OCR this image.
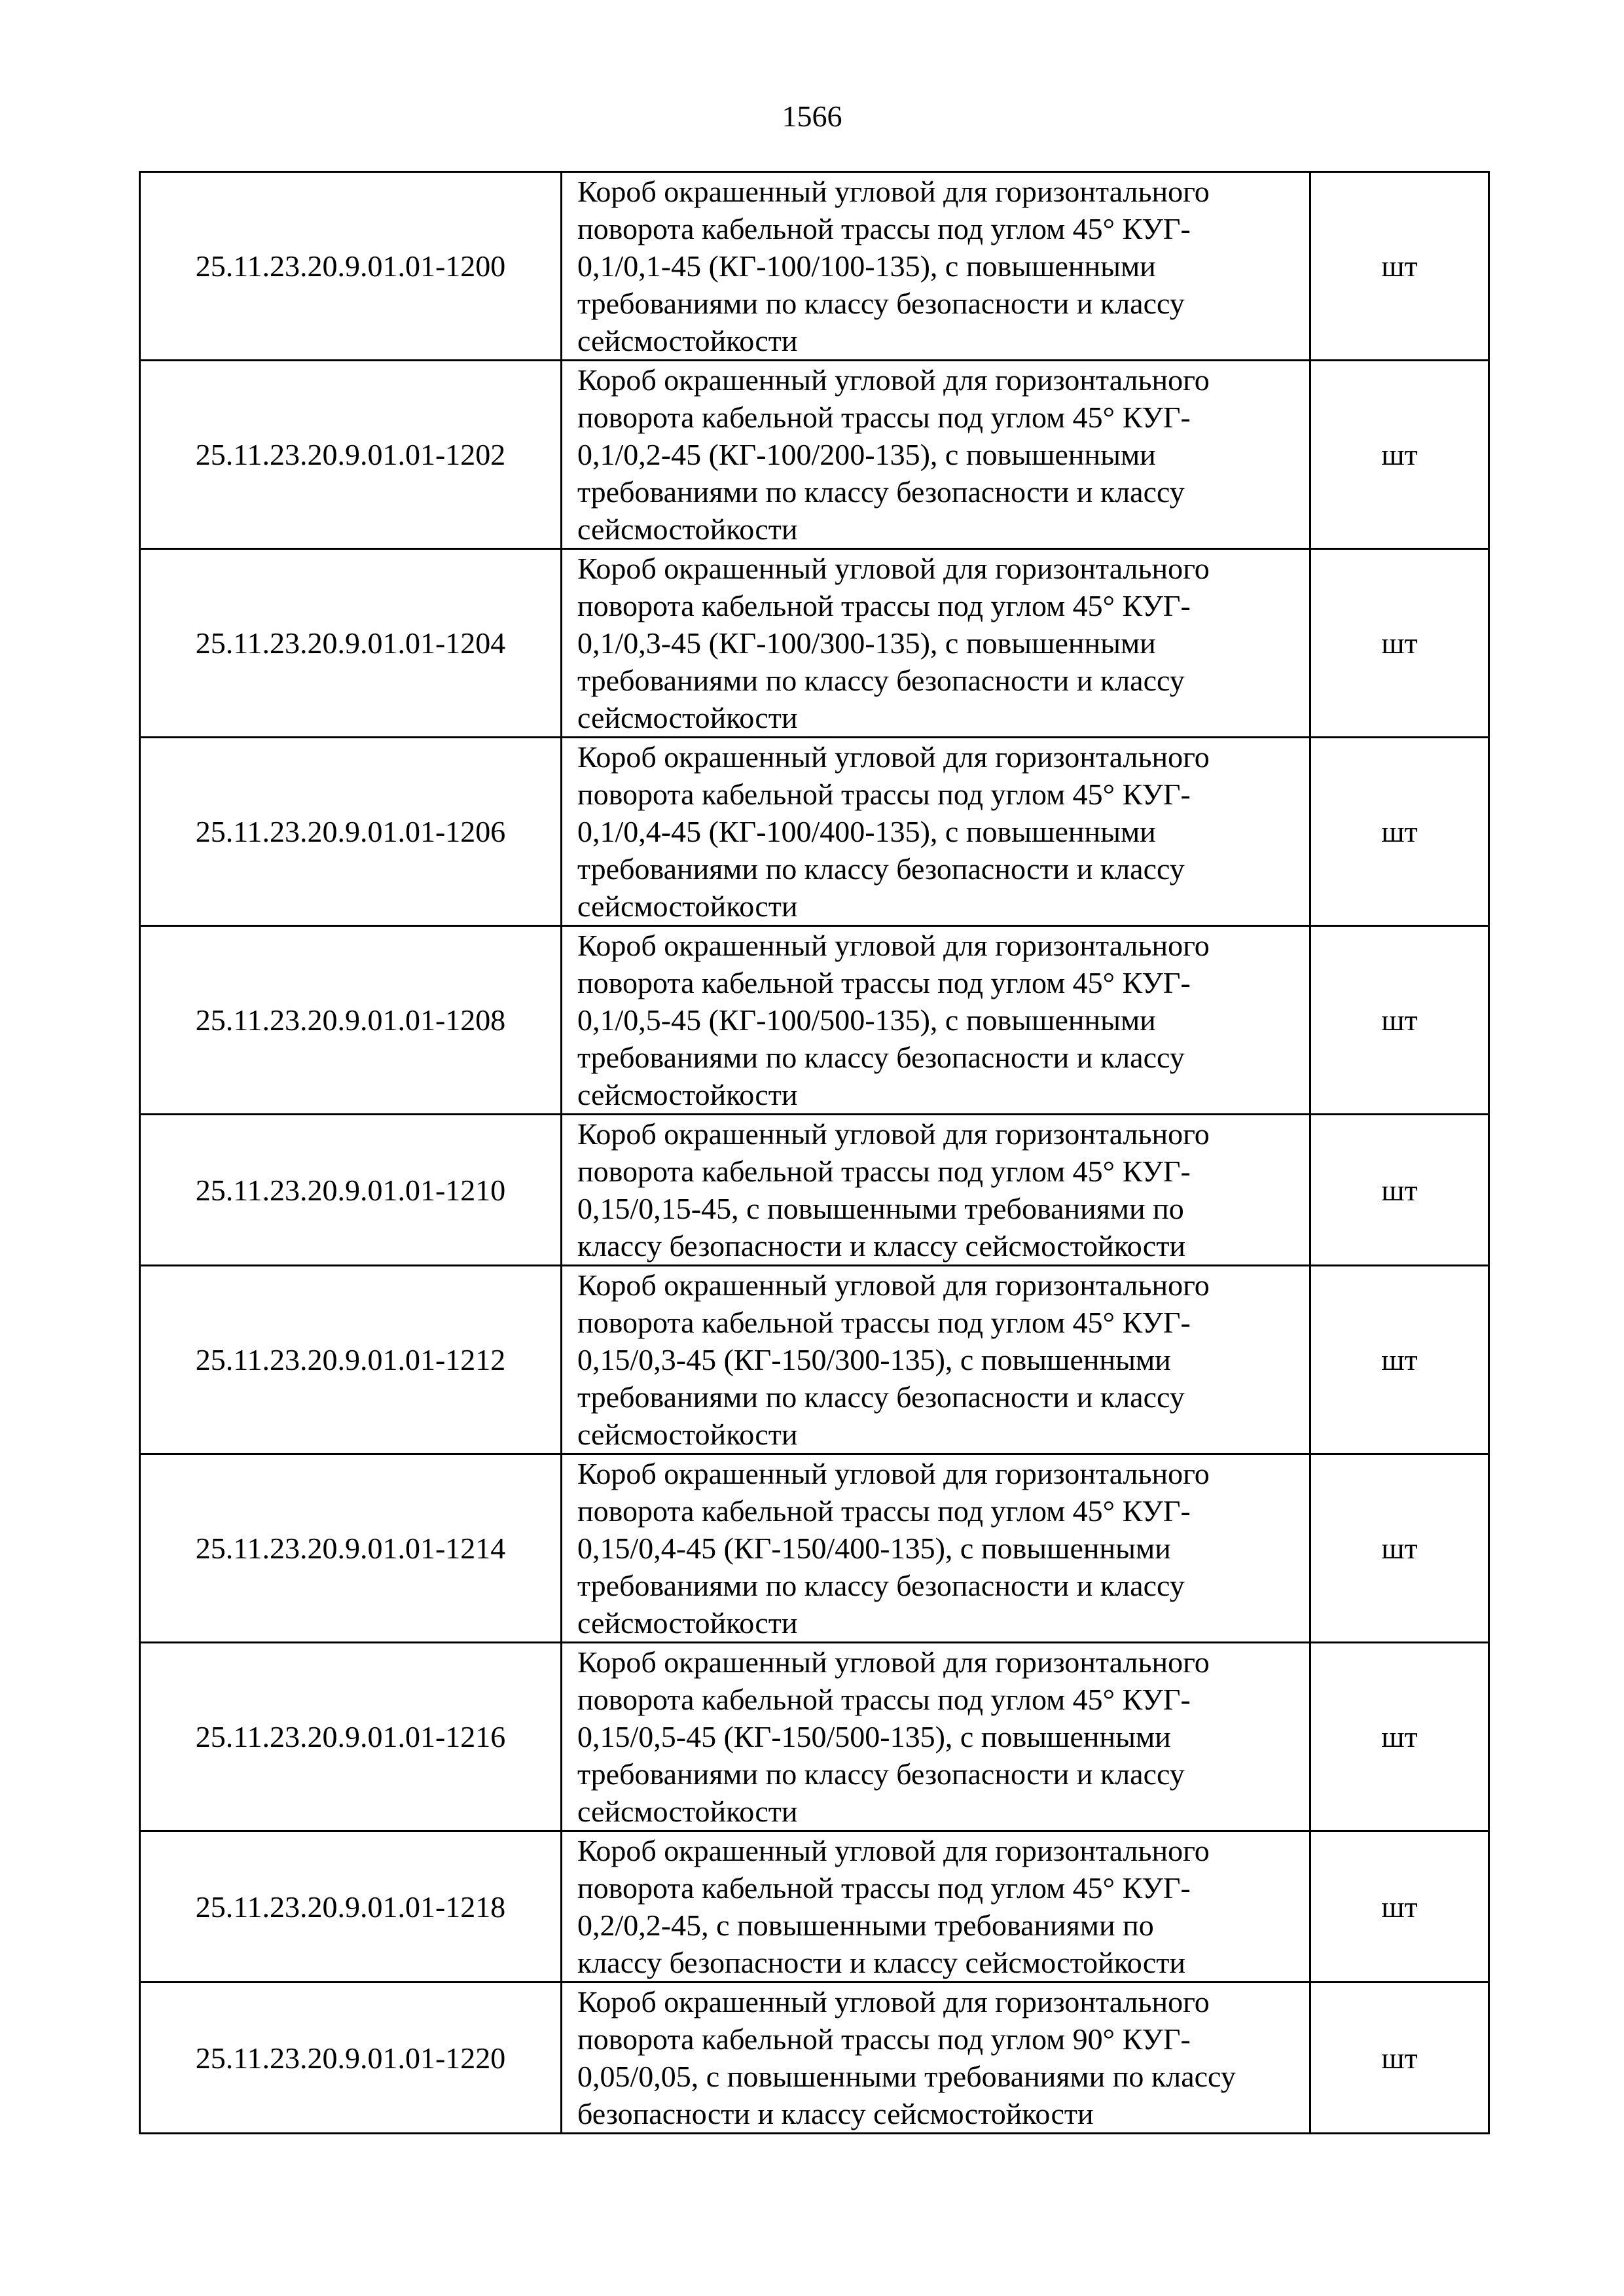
1566
25.11.23.20.9.01.01-1200	Короб окрашенный угловой для горизонтального
поворота кабельной трассы под углом 45° КУГ-
0,1/0,1-45 (КГ-100/100-135), с повышенными
требованиями по классу безопасности и классу
сейсмостойкости	шт
25.11.23.20.9.01.01-1202	Короб окрашенный угловой для горизонтального
поворота кабельной трассы под углом 45° КУГ-
0,1/0,2-45 (КГ-100/200-135), с повышенными
требованиями по классу безопасности и классу
сейсмостойкости	шт
25.11.23.20.9.01.01-1204	Короб окрашенный угловой для горизонтального
поворота кабельной трассы под углом 45° КУГ-
0,1/0,3-45 (КГ-100/300-135), с повышенными
требованиями по классу безопасности и классу
сейсмостойкости	шт
25.11.23.20.9.01.01-1206	Короб окрашенный угловой для горизонтального
поворота кабельной трассы под углом 45° КУГ-
0,1/0,4-45 (КГ-100/400-135), с повышенными
требованиями по классу безопасности и классу
сейсмостойкости	шт
25.11.23.20.9.01.01-1208	Короб окрашенный угловой для горизонтального
поворота кабельной трассы под углом 45° КУГ-
0,1/0,5-45 (КГ-100/500-135), с повышенными
требованиями по классу безопасности и классу
сейсмостойкости	шт
25.11.23.20.9.01.01-1210	Короб окрашенный угловой для горизонтального
поворота кабельной трассы под углом 45° КУГ-
0,15/0,15-45, с повышенными требованиями по
классу безопасности и классу сейсмостойкости	шт
25.11.23.20.9.01.01-1212	Короб окрашенный угловой для горизонтального
поворота кабельной трассы под углом 45° КУГ-
0,15/0,3-45 (КГ-150/300-135), с повышенными
требованиями по классу безопасности и классу
сейсмостойкости	шт
25.11.23.20.9.01.01-1214	Короб окрашенный угловой для горизонтального
поворота кабельной трассы под углом 45° КУГ-
0,15/0,4-45 (КГ-150/400-135), с повышенными
требованиями по классу безопасности и классу
сейсмостойкости	шт
25.11.23.20.9.01.01-1216	Короб окрашенный угловой для горизонтального
поворота кабельной трассы под углом 45° КУГ-
0,15/0,5-45 (КГ-150/500-135), с повышенными
требованиями по классу безопасности и классу
сейсмостойкости	шт
25.11.23.20.9.01.01-1218	Короб окрашенный угловой для горизонтального
поворота кабельной трассы под углом 45° КУГ-
0,2/0,2-45, с повышенными требованиями по
классу безопасности и классу сейсмостойкости	шт
25.11.23.20.9.01.01-1220	Короб окрашенный угловой для горизонтального
поворота кабельной трассы под углом 90° КУГ-
0,05/0,05, с повышенными требованиями по классу
безопасности и классу сейсмостойкости	шт
